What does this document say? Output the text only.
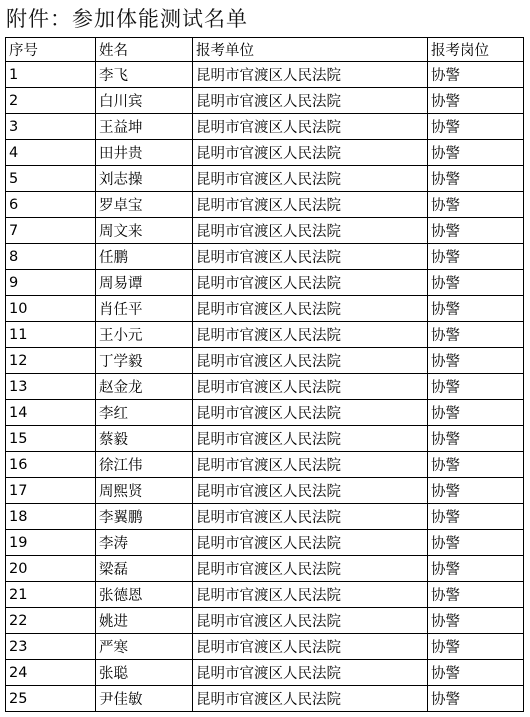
附件：参加体能测试名单
序号	姓名	报考单位	报考岗位
1	李飞	昆明市官渡区人民法院	协警
2	白川宾	昆明市官渡区人民法院	协警
3	王益坤	昆明市官渡区人民法院	协警
4	田井贵	昆明市官渡区人民法院	协警
5	刘志操	昆明市官渡区人民法院	协警
6	罗卓宝	昆明市官渡区人民法院	协警
7	周文来	昆明市官渡区人民法院	协警
8	任鹏	昆明市官渡区人民法院	协警
9	周易谭	昆明市官渡区人民法院	协警
10	肖任平	昆明市官渡区人民法院	协警
11	王小元	昆明市官渡区人民法院	协警
12	丁学毅	昆明市官渡区人民法院	协警
13	赵金龙	昆明市官渡区人民法院	协警
14	李红	昆明市官渡区人民法院	协警
15	蔡毅	昆明市官渡区人民法院	协警
16	徐江伟	昆明市官渡区人民法院	协警
17	周熙贤	昆明市官渡区人民法院	协警
18	李翼鹏	昆明市官渡区人民法院	协警
19	李涛	昆明市官渡区人民法院	协警
20	梁磊	昆明市官渡区人民法院	协警
21	张德恩	昆明市官渡区人民法院	协警
22	姚进	昆明市官渡区人民法院	协警
23	严寒	昆明市官渡区人民法院	协警
24	张聪	昆明市官渡区人民法院	协警
25	尹佳敏	昆明市官渡区人民法院	协警
